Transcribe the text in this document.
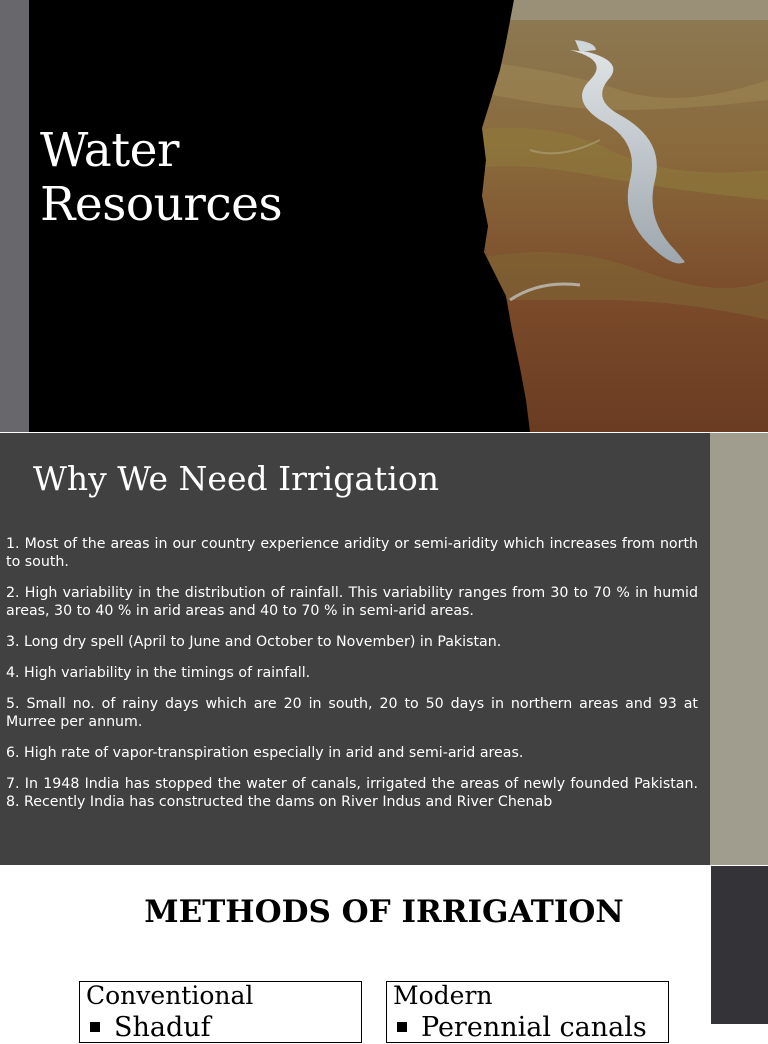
Water
Resources
Why We Need Irrigation
1. Most of the areas in our country experience aridity or semi-aridity which increases from north to south.
2. High variability in the distribution of rainfall. This variability ranges from 30 to 70 % in humid areas, 30 to 40 % in arid areas and 40 to 70 % in semi-arid areas.
3. Long dry spell (April to June and October to November) in Pakistan.
4. High variability in the timings of rainfall.
5. Small no. of rainy days which are 20 in south, 20 to 50 days in northern areas and 93 at Murree per annum.
6. High rate of vapor-transpiration especially in arid and semi-arid areas.
7. In 1948 India has stopped the water of canals, irrigated the areas of newly founded Pakistan. 8. Recently India has constructed the dams on River Indus and River Chenab
METHODS OF IRRIGATION
Conventional
Shaduf
Modern
Perennial canals
